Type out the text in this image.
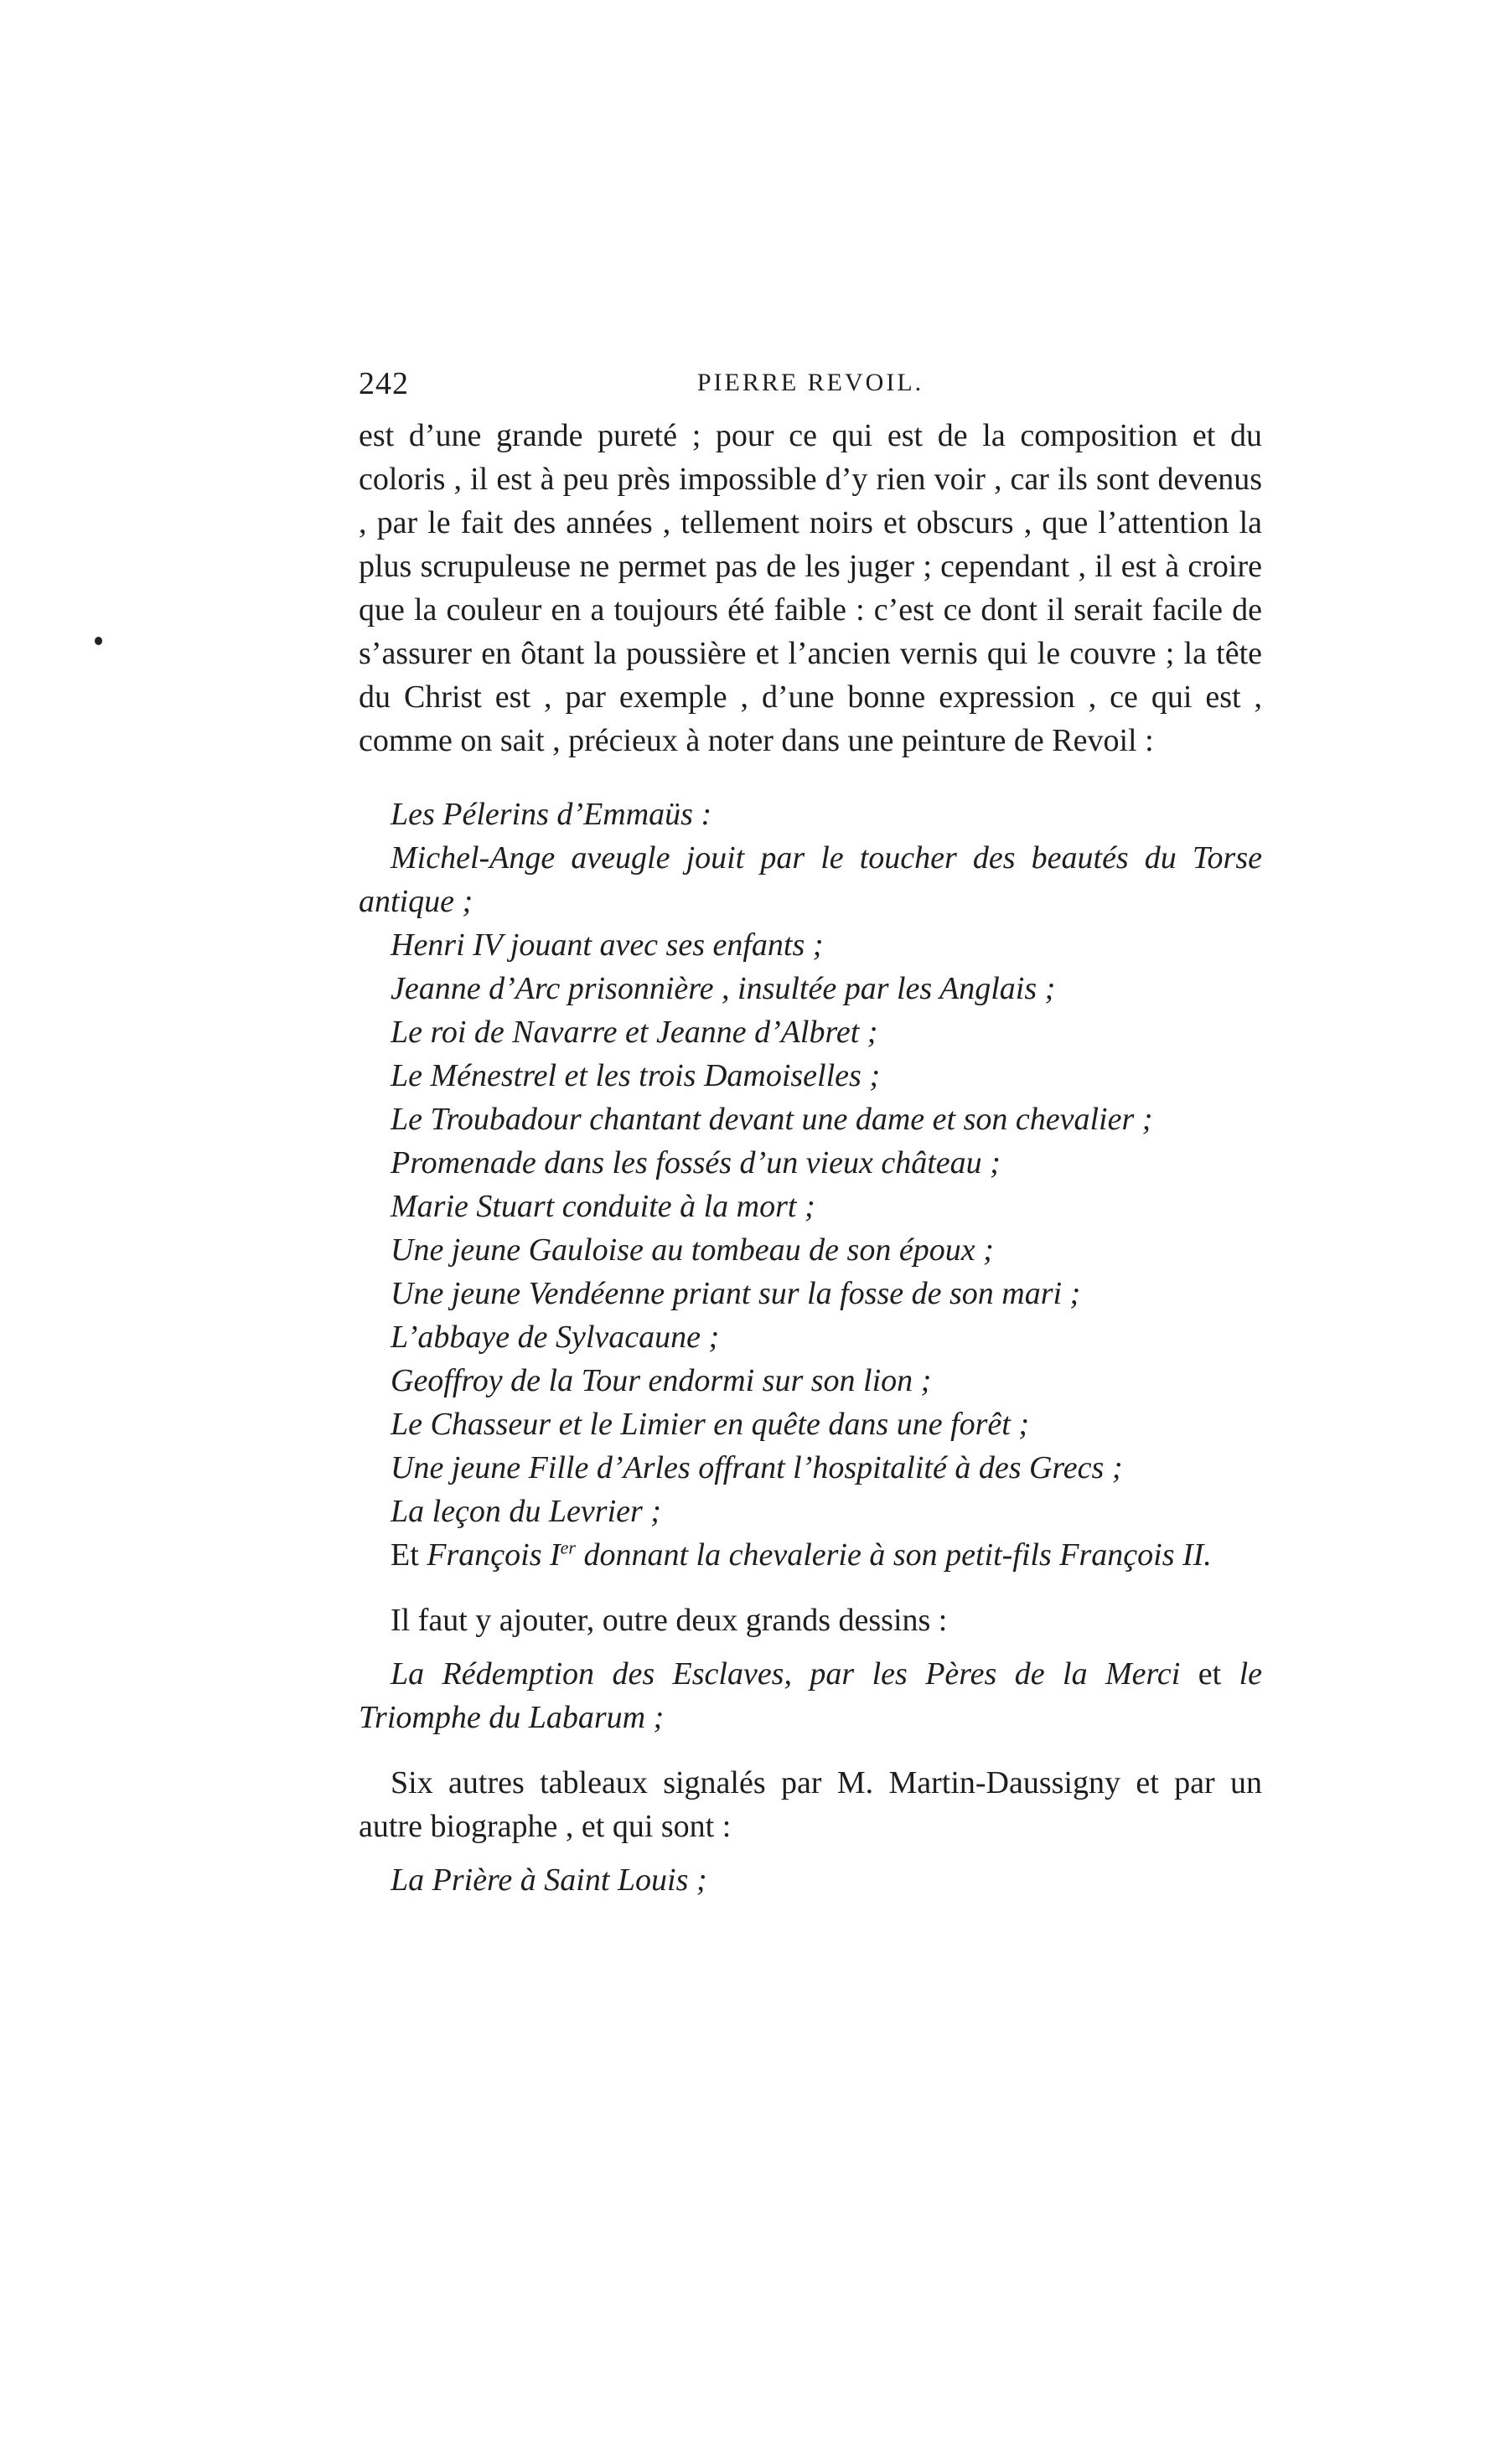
242	PIERRE REVOIL.

est d’une grande pureté ; pour ce qui est de la composition et du coloris , il est à peu près impossible d’y rien voir , car ils sont devenus , par le fait des années , tellement noirs et obscurs , que l’attention la plus scrupuleuse ne permet pas de les juger ; cependant , il est à croire que la couleur en a toujours été faible : c’est ce dont il serait facile de s’assurer en ôtant la poussière et l’ancien vernis qui le couvre ; la tête du Christ est , par exemple , d’une bonne expression , ce qui est , comme on sait , précieux à noter dans une peinture de Revoil :

Les Pélerins d’Emmaüs :
Michel-Ange aveugle jouit par le toucher des beautés du Torse antique ;
Henri IV jouant avec ses enfants ;
Jeanne d’Arc prisonnière , insultée par les Anglais ;
Le roi de Navarre et Jeanne d’Albret ;
Le Ménestrel et les trois Damoiselles ;
Le Troubadour chantant devant une dame et son chevalier ;
Promenade dans les fossés d’un vieux château ;
Marie Stuart conduite à la mort ;
Une jeune Gauloise au tombeau de son époux ;
Une jeune Vendéenne priant sur la fosse de son mari ;
L’abbaye de Sylvacaune ;
Geoffroy de la Tour endormi sur son lion ;
Le Chasseur et le Limier en quête dans une forêt ;
Une jeune Fille d’Arles offrant l’hospitalité à des Grecs ;
La leçon du Levrier ;
Et François Ier donnant la chevalerie à son petit-fils François II.

Il faut y ajouter, outre deux grands dessins :

La Rédemption des Esclaves, par les Pères de la Merci et le Triomphe du Labarum ;

Six autres tableaux signalés par M. Martin-Daussigny et par un autre biographe , et qui sont :

La Prière à Saint Louis ;
